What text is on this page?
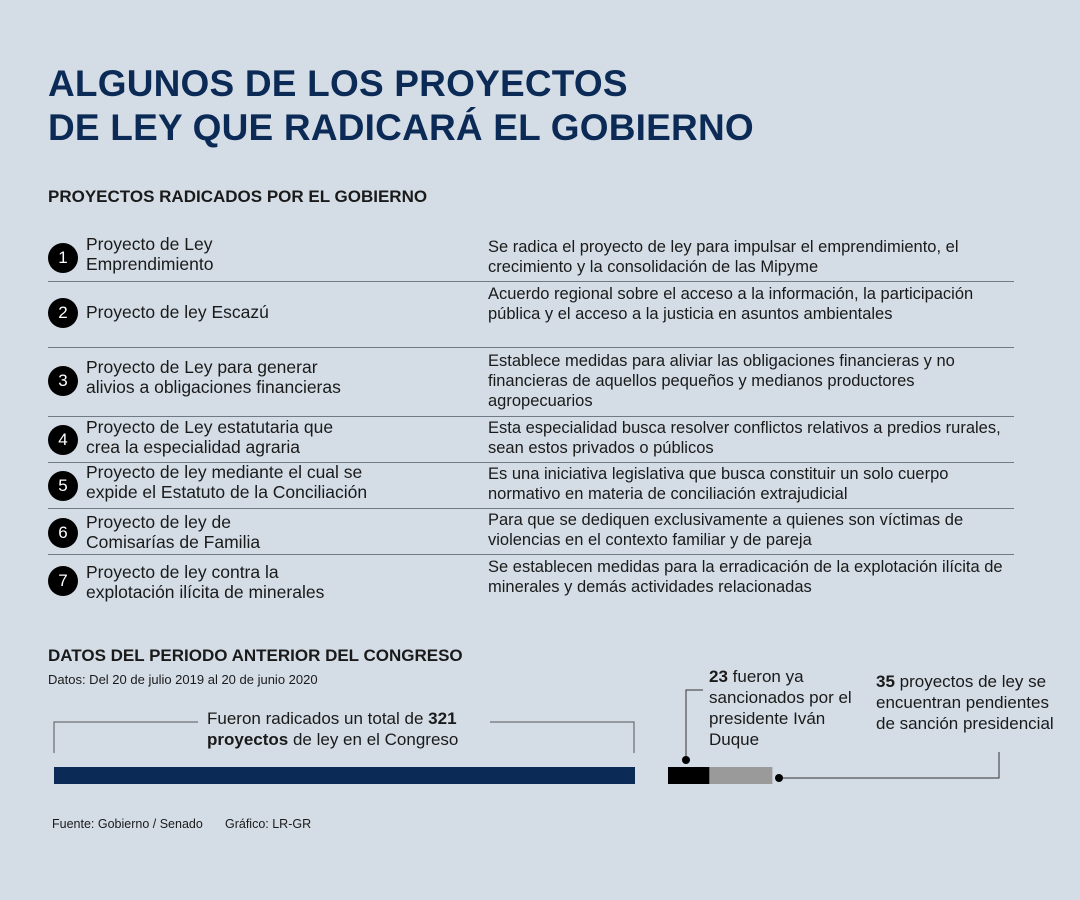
ALGUNOS DE LOS PROYECTOS
DE LEY QUE RADICARÁ EL GOBIERNO
PROYECTOS RADICADOS POR EL GOBIERNO
1
Proyecto de Ley
Emprendimiento
Se radica el proyecto de ley para impulsar el emprendimiento, el crecimiento y la consolidación de las Mipyme
2	Proyecto de ley Escazú
Acuerdo regional sobre el acceso a la información, la participación pública y el acceso a la justicia en asuntos ambientales
3
Proyecto de Ley para generar
alivios a obligaciones financieras
Establece medidas para aliviar las obligaciones financieras y no financieras de aquellos pequeños y medianos productores agropecuarios
4
Proyecto de Ley estatutaria que
crea la especialidad agraria
Esta especialidad busca resolver conflictos relativos a predios rurales, sean estos privados o públicos
5
Proyecto de ley mediante el cual se
expide el Estatuto de la Conciliación
Es una iniciativa legislativa que busca constituir un solo cuerpo normativo en materia de conciliación extrajudicial
6
Proyecto de ley de
Comisarías de Familia
Para que se dediquen exclusivamente a quienes son víctimas de violencias en el contexto familiar y de pareja
7	Proyecto de ley contra la
explotación ilícita de minerales
Se establecen medidas para la erradicación de la explotación ilícita de minerales y demás actividades relacionadas
DATOS DEL PERIODO ANTERIOR DEL CONGRESO
Datos: Del 20 de julio 2019 al 20 de junio 2020
Fueron radicados un total de 321
proyectos de ley en el Congreso
23 fueron ya sancionados por el presidente Iván Duque
35 proyectos de ley se encuentran pendientes de sanción presidencial
Fuente: Gobierno / Senado Gráfico: LR-GR
